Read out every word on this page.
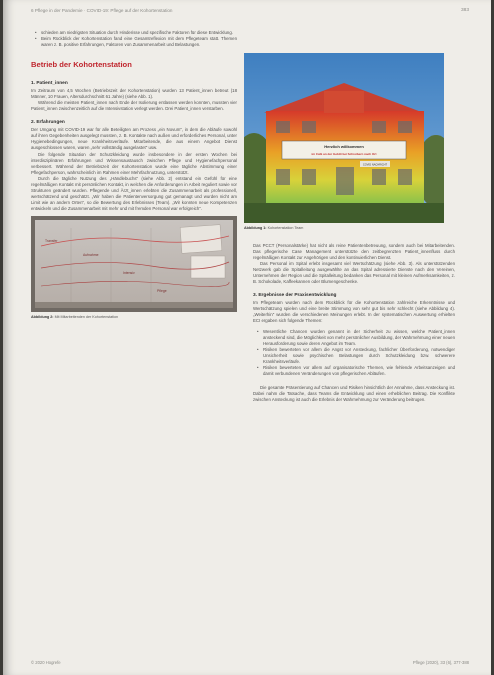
6 Pflege in der Pandemie · COVID-19: Pflege auf der Kohortenstation	383
• schieden am niedrigsten Situation durch Hinderisse und spezifische Faktoren für diese Entwicklung.
• Beim Rückblick der Kohortenstation fand eine Gesamtreflexion mit dem Pflegeteam statt. Themen waren z. B. positive Erfahrungen, Faktoren von Zusammenarbeit und Belastungen.
Betrieb der Kohortenstation
1. Patient_innen

Im Zeitraum von 4,5 Wochen (Betriebszeit der Kohortenstation) wurden 13 Patient_innen betreut (18 Männer, 10 Frauen, Altersdurchschnitt 61 Jahre) (siehe Abb. 1).

Während die meisten Patient_innen nach Ende der Isolierung entlassen werden konnten, mussten vier Patient_innen zwischenzeitlich auf die Intensivstation verlegt werden. Drei Patient_innen verstarben.

2. Erfahrungen

Der Umgang mit COVID-19 war für alle Beteiligten am Prozess „ein Novum", in dem die Abläufe sowohl auf ihren Gegebenheiten ausgelegt mussten, z. B. Kontakte nach außen und erforderliches Personal, unter Hygienebedingungen, neue Krankheitsverläufe. Mitarbeitende, die aus einem Angebot Dienst ausgeschlossen waren, waren „sehr vollständig ausgelastet" usw.

Die folgende Situation der Schutzkleidung wurde insbesondere in der ersten Wochen bei interdisziplinären Erfahrungen und Wissensaustausch zwischen Pflege und Hygienefachpersonal verbessert. Während der Betriebszeit der Kohortenstation wurde eine tägliche Abstimmung einer Pflegefachperson, wahrscheinlich im Rahmen einer Mehrfachnutzung, unterstützt.

Durch die tägliche Nutzung des „Händlebuchs" (siehe Abb. 2) entstand ein Gefühl für eine regelmäßigen Kontakt mit persönlichen Kontakt, in welchen die Anforderungen in Arbeit reguliert sowie vor Strukturen geändert wurden. Pflegende und Ärzt_innen erlebten die Zusammenarbeit als professionell, wertschätzend und geschätzt. „Wir haben die Patientenversorgung gut gemanagt und wurden nicht am Limit wie an andern Orten", so die Bewertung des Erlebnisses (Team). „Wir konnten neue Kompetenzen entwickeln und die Zusammenarbeit mit mehr und mit fremden Personal war erfolgreich".

Transfer
Aufnahme
Intensiv
Pflege
Abbildung 2: Mit Mitarbeitenden der Kohortenstation
Herzlich willkommen
im Café an der Gebitt bei Schreibern nach Ort
COVID NACHRICHT
Abbildung 1: Kohortenstation Team

Das PCCT (Personalstärke) hat nicht als reine Patientenbetreuung, sondern auch bei Mitarbeitenden. Das pflegerische Case Management unterstützte den zeitbegrenzten Patient_innenfluss durch regelmäßigen Kontakt zur Angehörigen und den kontinuierlichen Dienst.

Das Personal im Spital erlebt insgesamt viel Wertschätzung (siehe Abb. 3). Als unterstützenden Netzwerk gab die Spitalleitung ausgewählte an das Spital adressierte Dienste nach den Vereinen, Unternehmen der Region und die Spitalleitung bedanken das Personal mit kleinen Aufmerksamkeiten, z. B. Schokolade, Kaffeekannen oder Blumengeschenke.

3. Ergebnisse der Praxisentwicklung

Im Pflegeteam wurden nach dem Rückblick für die Kohortenstation zahlreiche Erkenntnisse und Wertschätzung spielen und eine breite Stimmung von sehr gut bis sehr schlecht (siehe Abbildung 4). „Weiterhin" wurden die verschiedenen Meinungen erlebt. In der systematischen Auswertung erhielten ECI ergaben sich folgende Themen:

• Wesentliche Chancen wurden genannt in der Sicherheit zu wissen, welche Patient_innen ansteckend sind, die Möglichkeit von mehr persönlicher Ausbildung, der Wahrnehmung einer neuen Herausforderung sowie deren Angebot im Team.
• Risiken bewerteten vor allem die Angst vor Ansteckung, fachlicher Überforderung, notwendiger Unsicherheit sowie psychischen Belastungen durch Schutzkleidung bzw. schwerere Krankheitsverläufe.
• Risiken bewerteten vor allem auf organisatorische Themen, wie fehlende Arbeitsanzeigen und damit verbundenen Veränderungen von pflegerischen Abläufen.

Die gesamte Präsentierung auf Chancen und Risiken hinsichtlich der Annahme, dass Ansteckung ist. Dabei nahm die Tatsache, dass Teams die Entwicklung und einen erheblichen Beitrag. Die Konflikte zwischen Ansteckung ist auch die Erlebnis der Wahrnehmung zur Veränderung beitrugen.

© 2020 Hogrefe	Pflege (2020), 33 (6), 377-388
